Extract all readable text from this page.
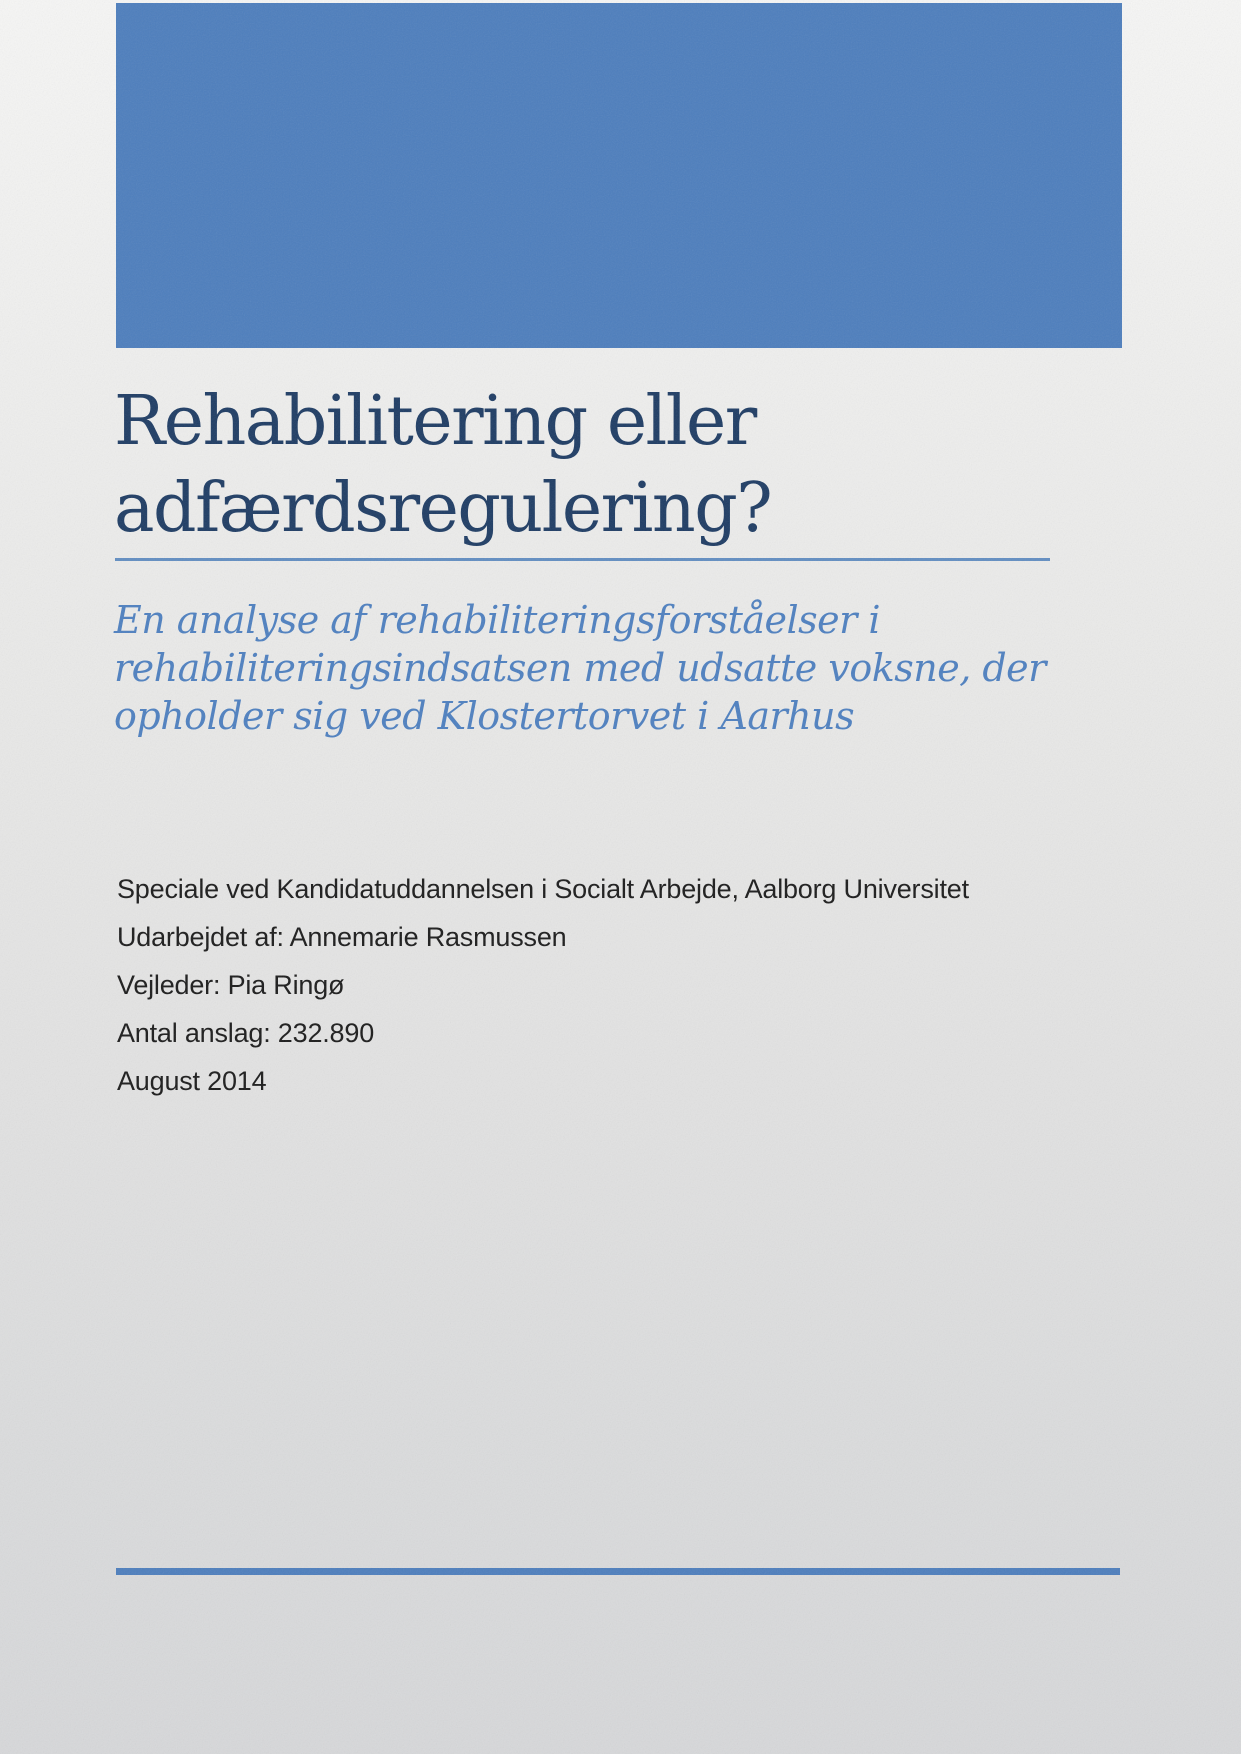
Rehabilitering eller
adfærdsregulering?
En analyse af rehabiliteringsforståelser i
rehabiliteringsindsatsen med udsatte voksne, der
opholder sig ved Klostertorvet i Aarhus

Speciale ved Kandidatuddannelsen i Socialt Arbejde, Aalborg Universitet

Udarbejdet af: Annemarie Rasmussen

Vejleder: Pia Ringø

Antal anslag: 232.890

August 2014
